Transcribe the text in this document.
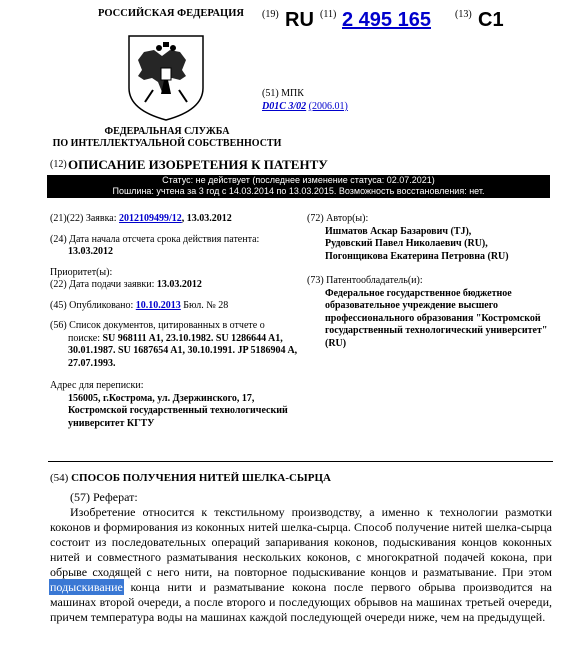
РОССИЙСКАЯ ФЕДЕРАЦИЯ (19) RU (11) 2 495 165 (13) C1
(51) МПК
D01C 3/02 (2006.01)
ФЕДЕРАЛЬНАЯ СЛУЖБА
ПО ИНТЕЛЛЕКТУАЛЬНОЙ СОБСТВЕННОСТИ
(12) ОПИСАНИЕ ИЗОБРЕТЕНИЯ К ПАТЕНТУ
Статус: не действует (последнее изменение статуса: 02.07.2021)
Пошлина: учтена за 3 год с 14.03.2014 по 13.03.2015. Возможность восстановления: нет.
(21)(22) Заявка: 2012109499/12, 13.03.2012
(24) Дата начала отсчета срока действия патента:
13.03.2012
Приоритет(ы):
(22) Дата подачи заявки: 13.03.2012
(45) Опубликовано: 10.10.2013 Бюл. № 28
(56) Список документов, цитированных в отчете о
поиске: SU 968111 A1, 23.10.1982. SU 1286644 A1, 30.01.1987. SU 1687654 A1, 30.10.1991. JP 5186904 A, 27.07.1993.
Адрес для переписки:
156005, г.Кострома, ул. Дзержинского, 17, Костромской государственный технологический университет КГТУ
(72) Автор(ы):
Ишматов Аскар Базарович (TJ),
Рудовский Павел Николаевич (RU),
Погонщикова Екатерина Петровна (RU)
(73) Патентообладатель(и):
Федеральное государственное бюджетное образовательное учреждение высшего профессионального образования "Костромской государственный технологический университет" (RU)
(54) СПОСОБ ПОЛУЧЕНИЯ НИТЕЙ ШЕЛКА-СЫРЦА
(57) Реферат:
Изобретение относится к текстильному производству, а именно к технологии размотки коконов и формирования из коконных нитей шелка-сырца. Способ получение нитей шелка-сырца состоит из последовательных операций запаривания коконов, подыскивания концов коконных нитей и совместного разматывания нескольких коконов, с многократной подачей кокона, при обрыве сходящей с него нити, на повторное подыскивание концов и разматывание. При этом подыскивание конца нити и разматывание кокона после первого обрыва производится на машинах второй очереди, а после второго и последующих обрывов на машинах третьей очереди, причем температура воды на машинах каждой последующей очереди ниже, чем на предыдущей.
